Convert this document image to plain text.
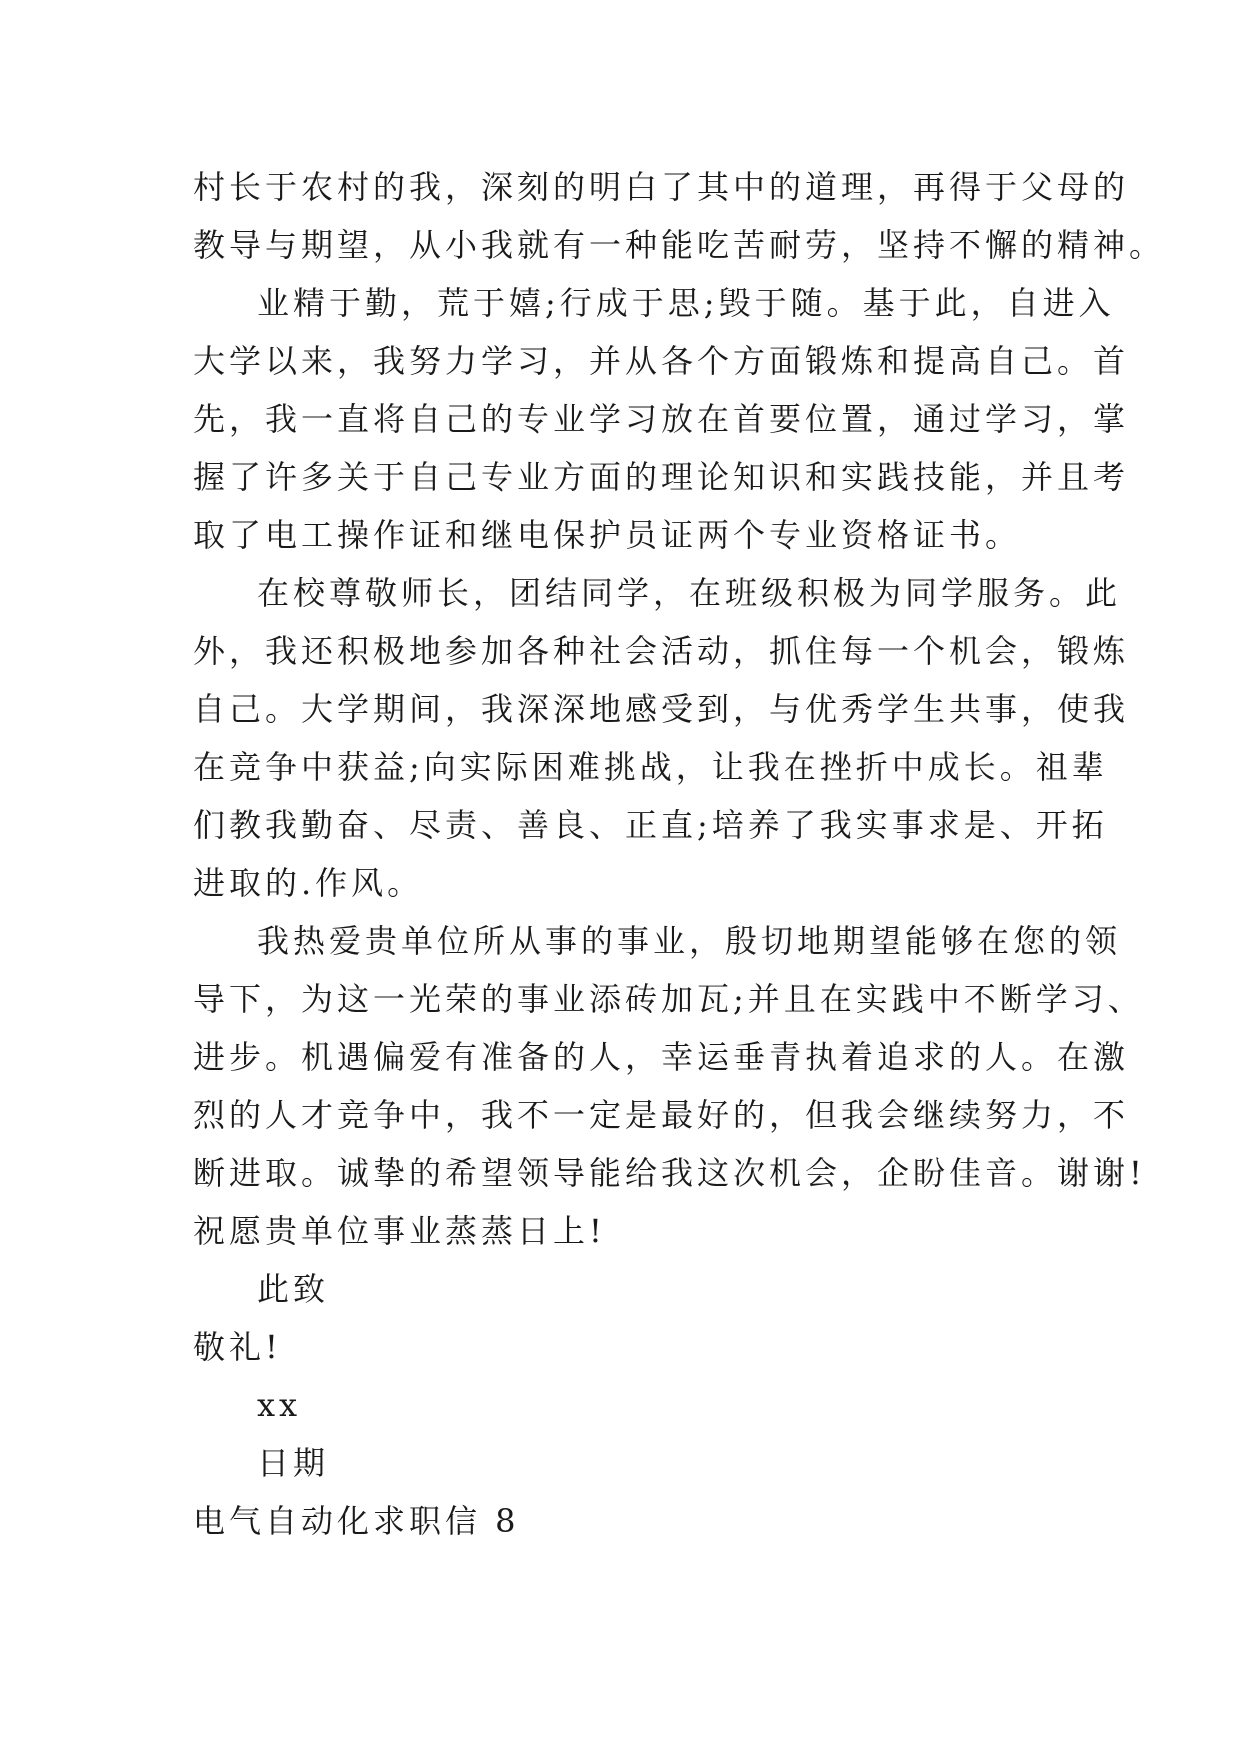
村长于农村的我，深刻的明白了其中的道理，再得于父母的
教导与期望，从小我就有一种能吃苦耐劳，坚持不懈的精神。
业精于勤，荒于嬉;行成于思;毁于随。基于此，自进入
大学以来，我努力学习，并从各个方面锻炼和提高自己。首
先，我一直将自己的专业学习放在首要位置，通过学习，掌
握了许多关于自己专业方面的理论知识和实践技能，并且考
取了电工操作证和继电保护员证两个专业资格证书。
在校尊敬师长，团结同学，在班级积极为同学服务。此
外，我还积极地参加各种社会活动，抓住每一个机会，锻炼
自己。大学期间，我深深地感受到，与优秀学生共事，使我
在竞争中获益;向实际困难挑战，让我在挫折中成长。祖辈
们教我勤奋、尽责、善良、正直;培养了我实事求是、开拓
进取的.作风。
我热爱贵单位所从事的事业，殷切地期望能够在您的领
导下，为这一光荣的事业添砖加瓦;并且在实践中不断学习、
进步。机遇偏爱有准备的人，幸运垂青执着追求的人。在激
烈的人才竞争中，我不一定是最好的，但我会继续努力，不
断进取。诚挚的希望领导能给我这次机会，企盼佳音。谢谢!
祝愿贵单位事业蒸蒸日上!
此致
敬礼!
xx
日期
电气自动化求职信 8
